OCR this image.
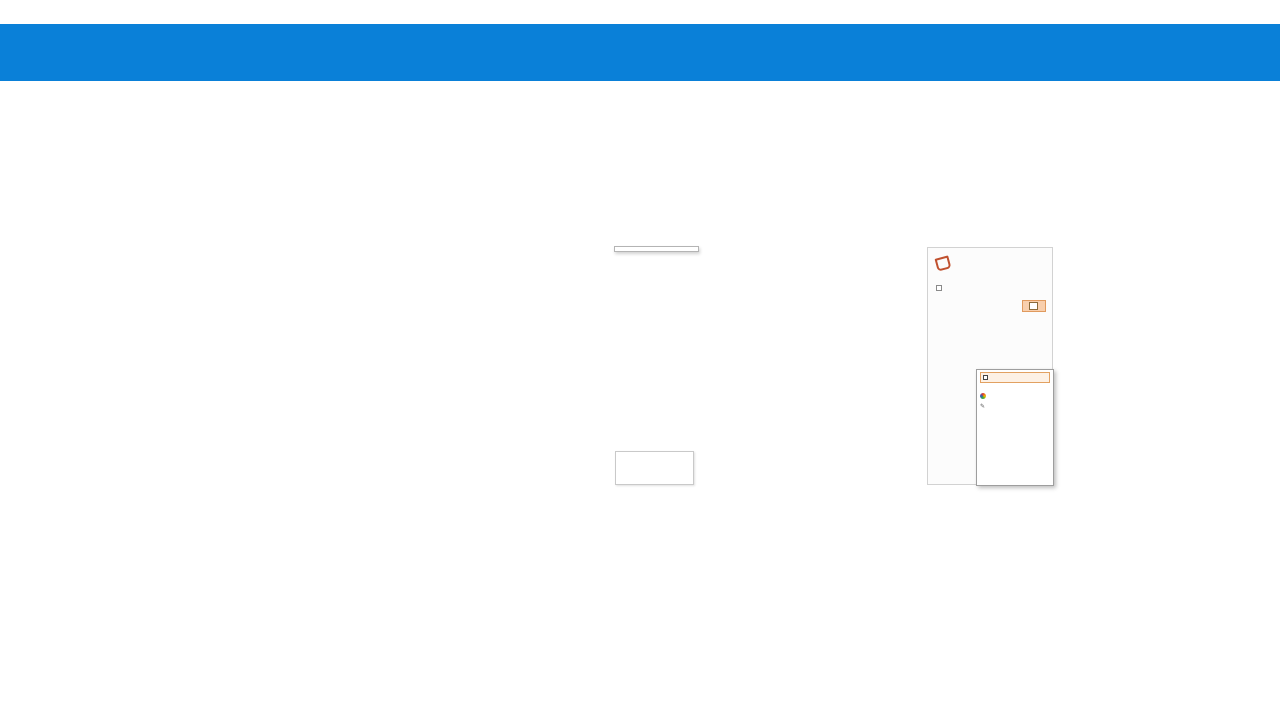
✎
